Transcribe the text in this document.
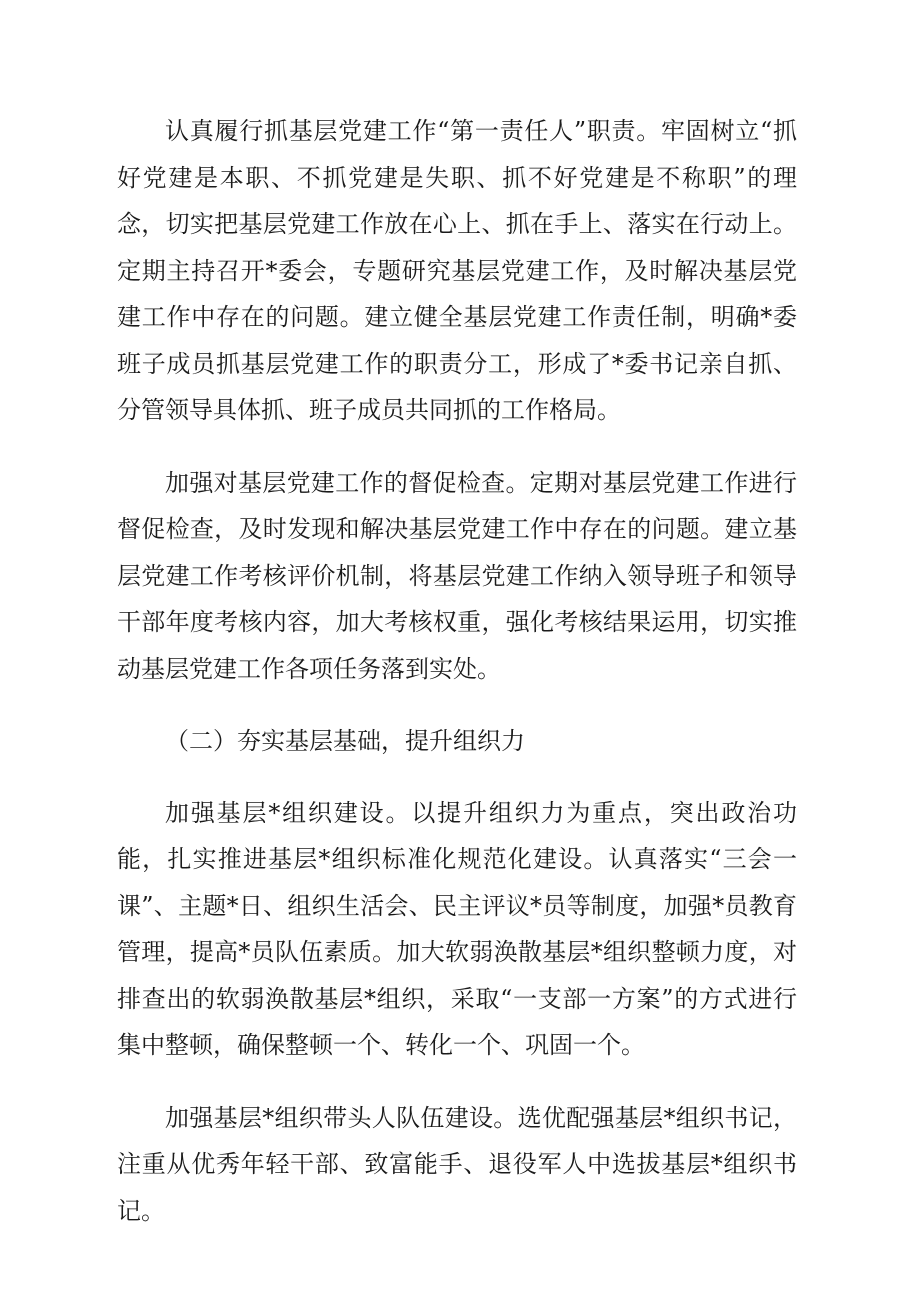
认真履行抓基层党建工作“第一责任人”职责。牢固树立“抓好党建是本职、不抓党建是失职、抓不好党建是不称职”的理念，切实把基层党建工作放在心上、抓在手上、落实在行动上。定期主持召开*委会，专题研究基层党建工作，及时解决基层党建工作中存在的问题。建立健全基层党建工作责任制，明确*委班子成员抓基层党建工作的职责分工，形成了*委书记亲自抓、分管领导具体抓、班子成员共同抓的工作格局。

加强对基层党建工作的督促检查。定期对基层党建工作进行督促检查，及时发现和解决基层党建工作中存在的问题。建立基层党建工作考核评价机制，将基层党建工作纳入领导班子和领导干部年度考核内容，加大考核权重，强化考核结果运用，切实推动基层党建工作各项任务落到实处。

（二）夯实基层基础，提升组织力

加强基层*组织建设。以提升组织力为重点，突出政治功能，扎实推进基层*组织标准化规范化建设。认真落实“三会一课”、主题*日、组织生活会、民主评议*员等制度，加强*员教育管理，提高*员队伍素质。加大软弱涣散基层*组织整顿力度，对排查出的软弱涣散基层*组织，采取“一支部一方案”的方式进行集中整顿，确保整顿一个、转化一个、巩固一个。

加强基层*组织带头人队伍建设。选优配强基层*组织书记，注重从优秀年轻干部、致富能手、退役军人中选拔基层*组织书记。
